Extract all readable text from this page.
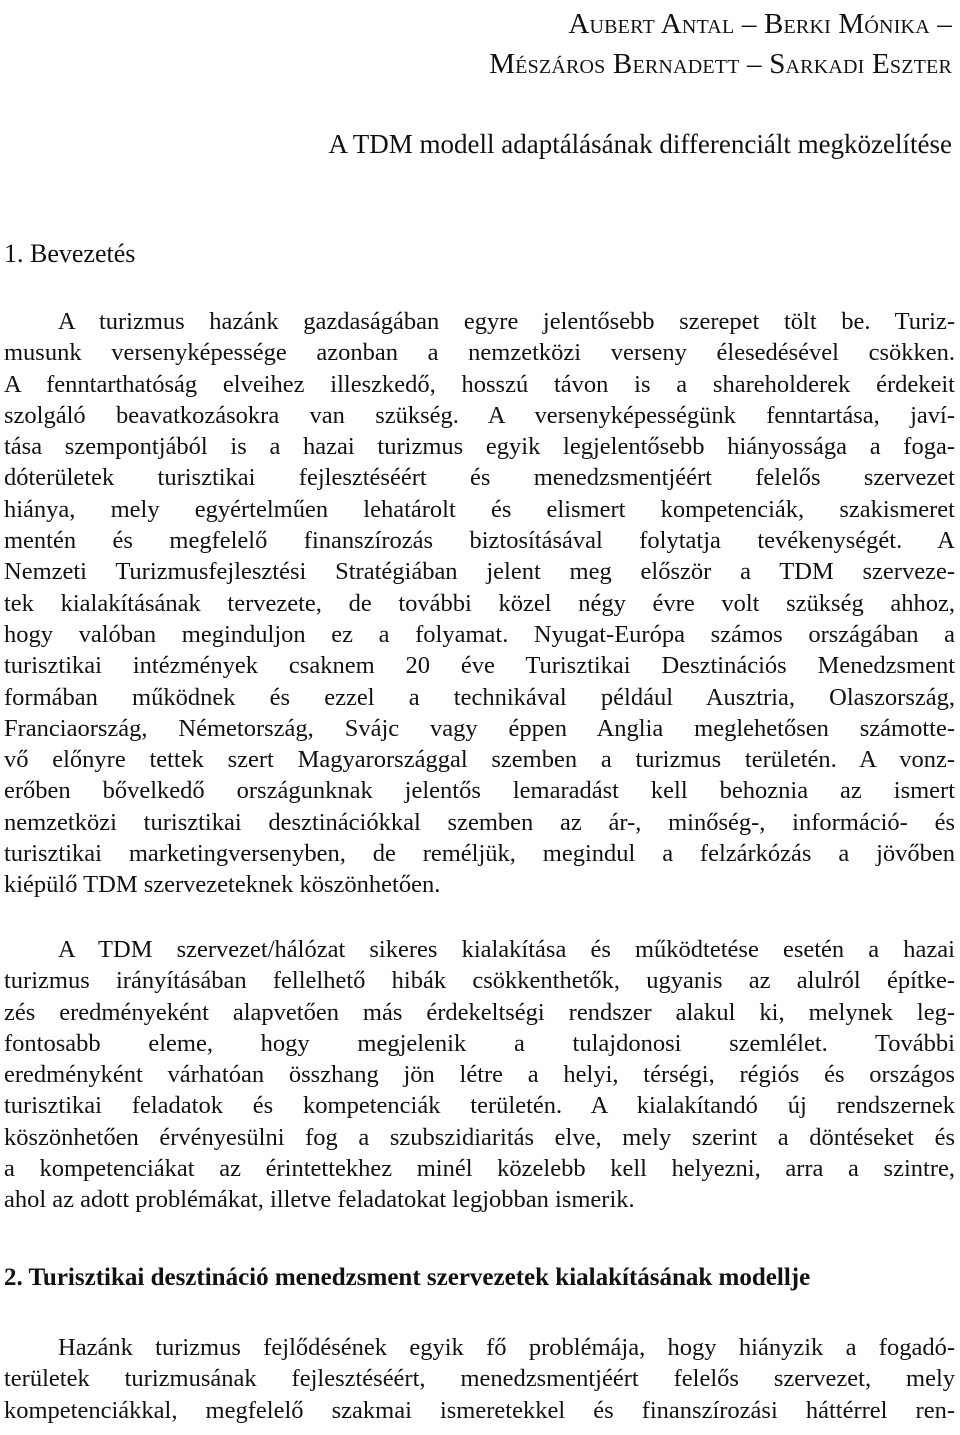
Aubert Antal – Berki Mónika –
Mészáros Bernadett – Sarkadi Eszter
A TDM modell adaptálásának differenciált megközelítése
1. Bevezetés
A turizmus hazánk gazdaságában egyre jelentősebb szerepet tölt be. Turiz-
musunk versenyképessége azonban a nemzetközi verseny élesedésével csökken.
A fenntarthatóság elveihez illeszkedő, hosszú távon is a shareholderek érdekeit
szolgáló beavatkozásokra van szükség. A versenyképességünk fenntartása, javí-
tása szempontjából is a hazai turizmus egyik legjelentősebb hiányossága a foga-
dóterületek turisztikai fejlesztéséért és menedzsmentjéért felelős szervezet
hiánya, mely egyértelműen lehatárolt és elismert kompetenciák, szakismeret
mentén és megfelelő finanszírozás biztosításával folytatja tevékenységét. A
Nemzeti Turizmusfejlesztési Stratégiában jelent meg először a TDM szerveze-
tek kialakításának tervezete, de további közel négy évre volt szükség ahhoz,
hogy valóban meginduljon ez a folyamat. Nyugat-Európa számos országában a
turisztikai intézmények csaknem 20 éve Turisztikai Desztinációs Menedzsment
formában működnek és ezzel a technikával például Ausztria, Olaszország,
Franciaország, Németország, Svájc vagy éppen Anglia meglehetősen számotte-
vő előnyre tettek szert Magyarországgal szemben a turizmus területén. A vonz-
erőben bővelkedő országunknak jelentős lemaradást kell behoznia az ismert
nemzetközi turisztikai desztinációkkal szemben az ár-, minőség-, információ- és
turisztikai marketingversenyben, de reméljük, megindul a felzárkózás a jövőben
kiépülő TDM szervezeteknek köszönhetően.
A TDM szervezet/hálózat sikeres kialakítása és működtetése esetén a hazai
turizmus irányításában fellelhető hibák csökkenthetők, ugyanis az alulról építke-
zés eredményeként alapvetően más érdekeltségi rendszer alakul ki, melynek leg-
fontosabb eleme, hogy megjelenik a tulajdonosi szemlélet. További
eredményként várhatóan összhang jön létre a helyi, térségi, régiós és országos
turisztikai feladatok és kompetenciák területén. A kialakítandó új rendszernek
köszönhetően érvényesülni fog a szubszidiaritás elve, mely szerint a döntéseket és
a kompetenciákat az érintettekhez minél közelebb kell helyezni, arra a szintre,
ahol az adott problémákat, illetve feladatokat legjobban ismerik.
2. Turisztikai desztináció menedzsment szervezetek kialakításának modellje
Hazánk turizmus fejlődésének egyik fő problémája, hogy hiányzik a fogadó-
területek turizmusának fejlesztéséért, menedzsmentjéért felelős szervezet, mely
kompetenciákkal, megfelelő szakmai ismeretekkel és finanszírozási háttérrel ren-
